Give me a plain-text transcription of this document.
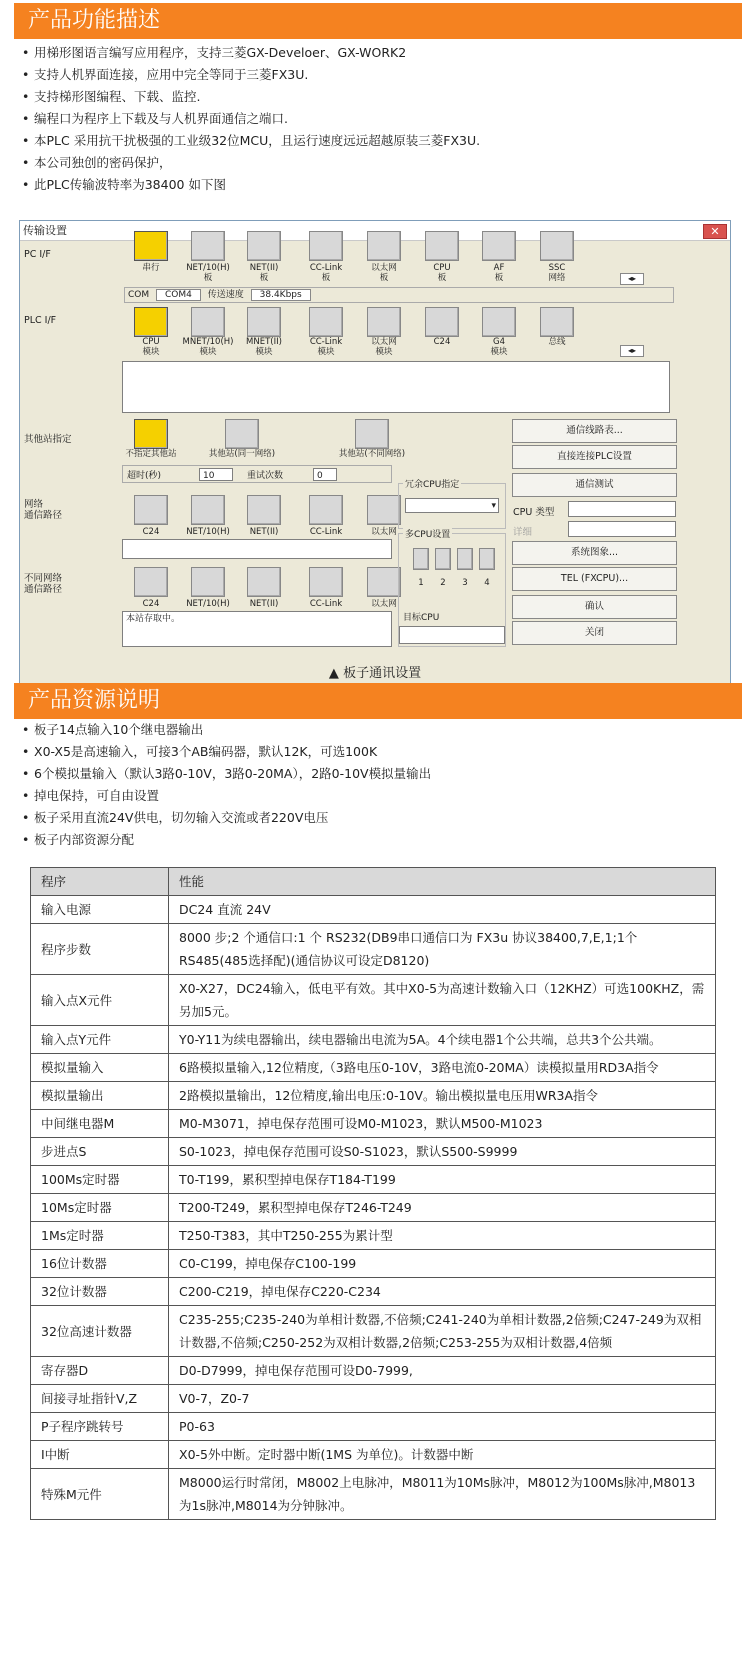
产品功能描述
• 用梯形图语言编写应用程序，支持三菱GX-Develoer、GX-WORK2
• 支持人机界面连接，应用中完全等同于三菱FX3U.
• 支持梯形图编程、下载、监控.
• 编程口为程序上下载及与人机界面通信之端口.
• 本PLC 采用抗干扰极强的工业级32位MCU，且运行速度远远超越原装三菱FX3U.
• 本公司独创的密码保护，
• 此PLC传输波特率为38400 如下图
传输设置	✕
PC I/F
串行	NET/10(H)
板
NET(II)
板
CC-Link
板
以太网
板
CPU
板
AF
板
SSC
网络	◂▸
COM COM4 传送速度 38.4Kbps
PLC I/F
CPU
模块
MNET/10(H)
模块
MNET(II)
模块
CC-Link
模块
以太网
模块
C24	G4
模块
总线
◂▸
其他站指定
不指定其他站	其他站(同一网络)	其他站(不同网络)
超时(秒)	10	重试次数	0
网络
通信路径
C24	NET/10(H)	NET(II)	CC-Link	以太网
不同网络
通信路径
C24	NET/10(H)	NET(II)	CC-Link	以太网
本站存取中。
冗余CPU指定
▾
多CPU设置
1	2	3	4
目标CPU
通信线路表...
直接连接PLC设置
通信测试
系统图象...
TEL (FXCPU)...
确认
关闭
CPU 类型
详细
▲ 板子通讯设置
产品资源说明
• 板子14点输入10个继电器输出
• X0-X5是高速输入，可接3个AB编码器，默认12K，可选100K
• 6个模拟量输入（默认3路0-10V，3路0-20MA），2路0-10V模拟量输出
• 掉电保持，可自由设置
• 板子采用直流24V供电，切勿输入交流或者220V电压
• 板子内部资源分配
程序	性能
输入电源	DC24 直流 24V
程序步数	8000 步;2 个通信口:1 个 RS232(DB9串口通信口为 FX3u 协议38400,7,E,1;1个RS485(485选择配)(通信协议可设定D8120)
输入点X元件	X0-X27，DC24输入，低电平有效。其中X0-5为高速计数输入口（12KHZ）可选100KHZ，需另加5元。
输入点Y元件	Y0-Y11为续电器输出，续电器输出电流为5A。4个续电器1个公共端，总共3个公共端。
模拟量输入	6路模拟量输入,12位精度,（3路电压0-10V，3路电流0-20MA）读模拟量用RD3A指令
模拟量输出	2路模拟量输出，12位精度,输出电压:0-10V。输出模拟量电压用WR3A指令
中间继电器M	M0-M3071，掉电保存范围可设M0-M1023，默认M500-M1023
步进点S	S0-1023，掉电保存范围可设S0-S1023，默认S500-S9999
100Ms定时器	T0-T199，累积型掉电保存T184-T199
10Ms定时器	T200-T249，累积型掉电保存T246-T249
1Ms定时器	T250-T383，其中T250-255为累计型
16位计数器	C0-C199，掉电保存C100-199
32位计数器	C200-C219，掉电保存C220-C234
32位高速计数器	C235-255;C235-240为单相计数器,不倍频;C241-240为单相计数器,2倍频;C247-249为双相计数器,不倍频;C250-252为双相计数器,2倍频;C253-255为双相计数器,4倍频
寄存器D	D0-D7999，掉电保存范围可设D0-7999,
间接寻址指针V,Z	V0-7，Z0-7
P子程序跳转号	P0-63
I中断	X0-5外中断。定时器中断(1MS 为单位)。计数器中断
特殊M元件	M8000运行时常闭，M8002上电脉冲，M8011为10Ms脉冲，M8012为100Ms脉冲,M8013为1s脉冲,M8014为分钟脉冲。
